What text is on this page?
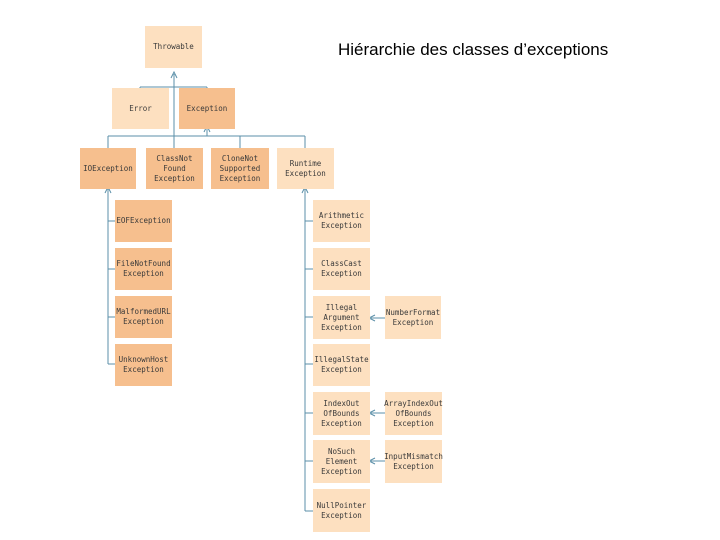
Hiérarchie des classes d’exceptions
Throwable
Error	Exception
IOException
ClassNot
Found
Exception
CloneNot
Supported
Exception
Runtime
Exception
EOFException
FileNotFound
Exception
MalformedURL
Exception
UnknownHost
Exception
Arithmetic
Exception
ClassCast
Exception
Illegal
Argument
Exception
IllegalState
Exception
IndexOut
OfBounds
Exception
NoSuch
Element
Exception
NullPointer
Exception
NumberFormat
Exception
ArrayIndexOut
OfBounds
Exception
InputMismatch
Exception
